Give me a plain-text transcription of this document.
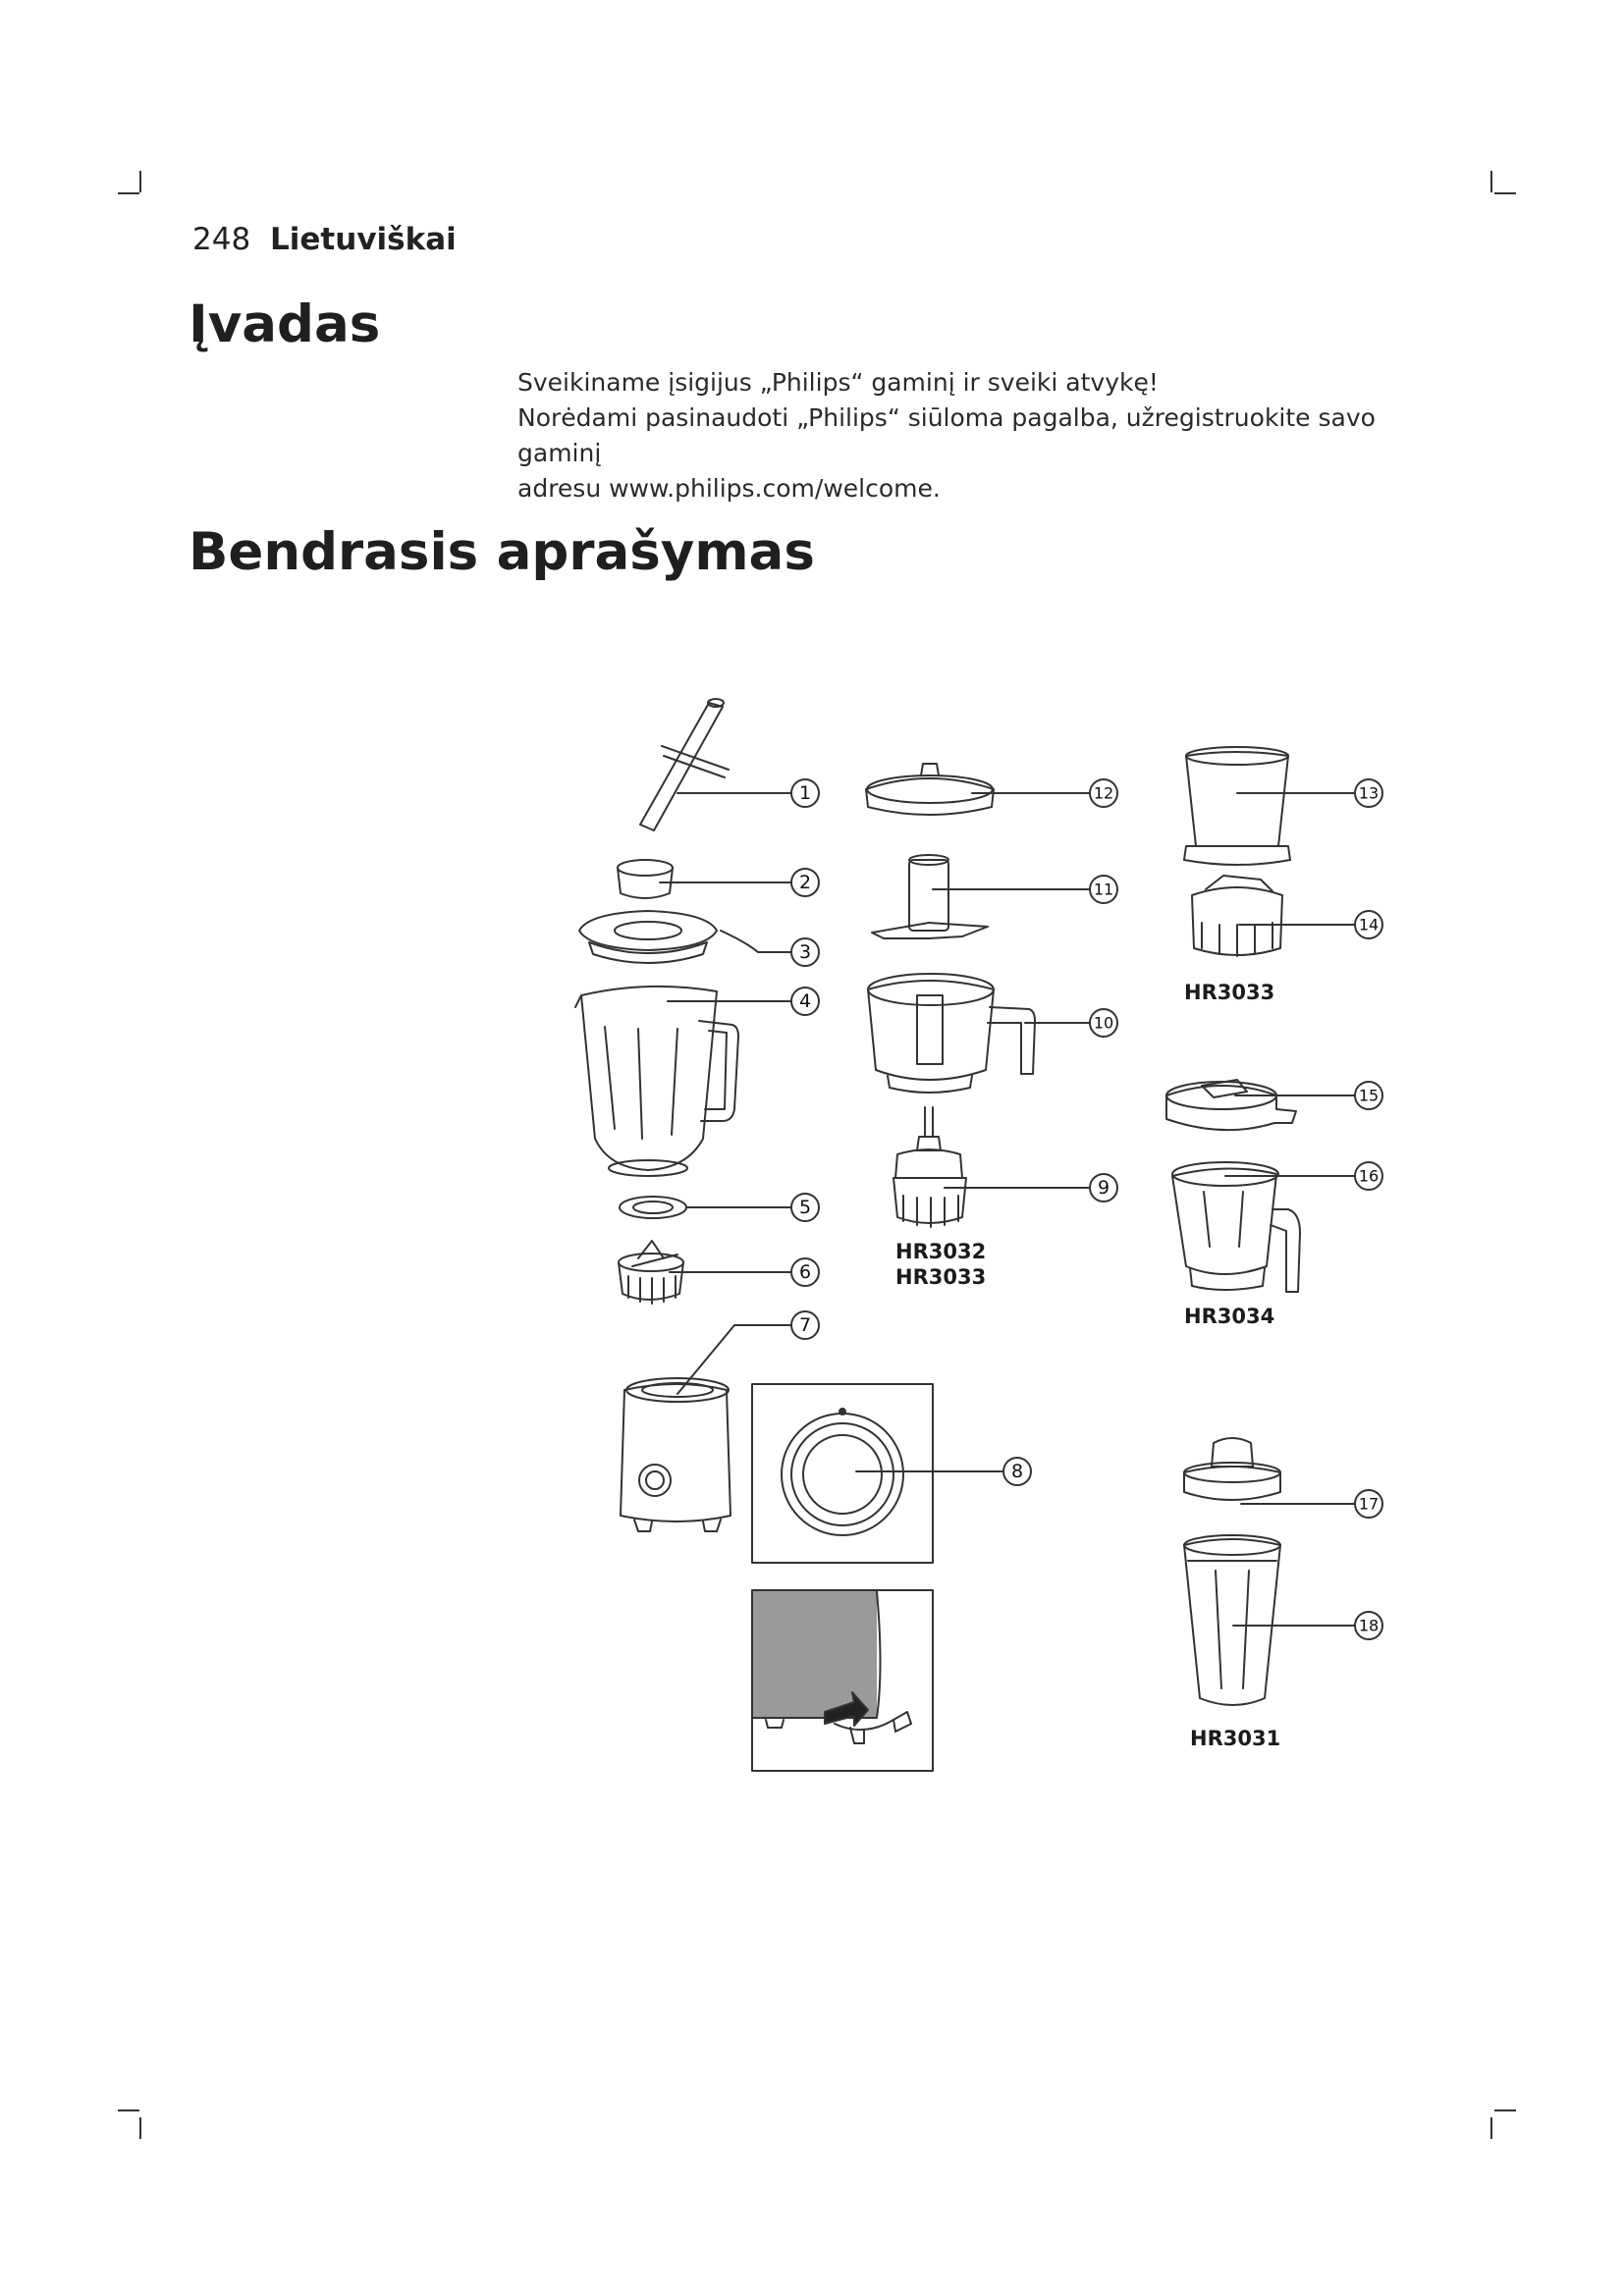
248 Lietuviškai
Įvadas

Sveikiname įsigijus „Philips“ gaminį ir sveiki atvykę!

Norėdami pasinaudoti „Philips“ siūloma pagalba, užregistruokite savo gaminį

adresu www.philips.com/welcome.

Bendrasis aprašymas
1
2
3
4
5
6
7
8
9
10
11
12	13
14
15
16
17
18
HR3033
HR3032
HR3033
HR3034
HR3031
